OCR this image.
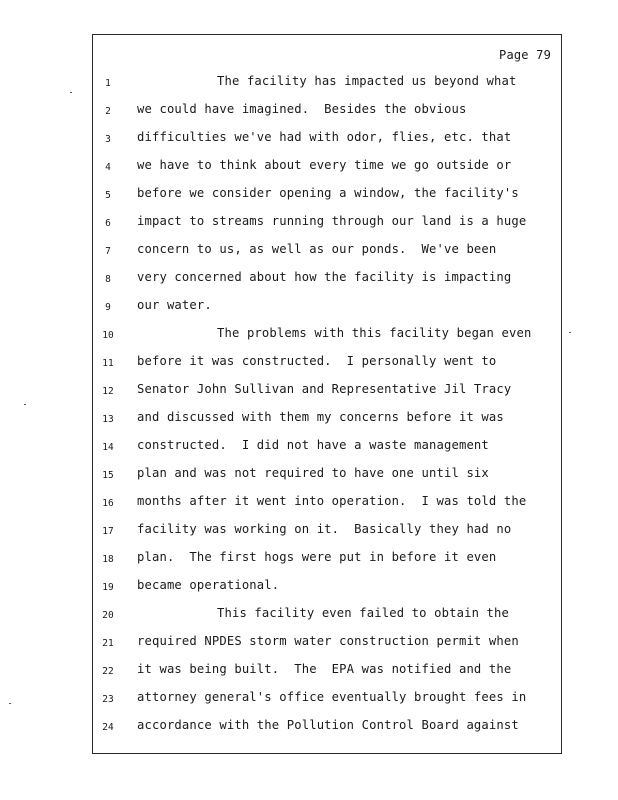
Page 79
1	The facility has impacted us beyond what
2	we could have imagined.  Besides the obvious
3	difficulties we've had with odor, flies, etc. that
4	we have to think about every time we go outside or
5	before we consider opening a window, the facility's
6	impact to streams running through our land is a huge
7	concern to us, as well as our ponds.  We've been
8	very concerned about how the facility is impacting
9	our water.
10	The problems with this facility began even
11	before it was constructed.  I personally went to
12	Senator John Sullivan and Representative Jil Tracy
13	and discussed with them my concerns before it was
14	constructed.  I did not have a waste management
15	plan and was not required to have one until six
16	months after it went into operation.  I was told the
17	facility was working on it.  Basically they had no
18	plan.  The first hogs were put in before it even
19	became operational.
20	This facility even failed to obtain the
21	required NPDES storm water construction permit when
22	it was being built.  The  EPA was notified and the
23	attorney general's office eventually brought fees in
24	accordance with the Pollution Control Board against
